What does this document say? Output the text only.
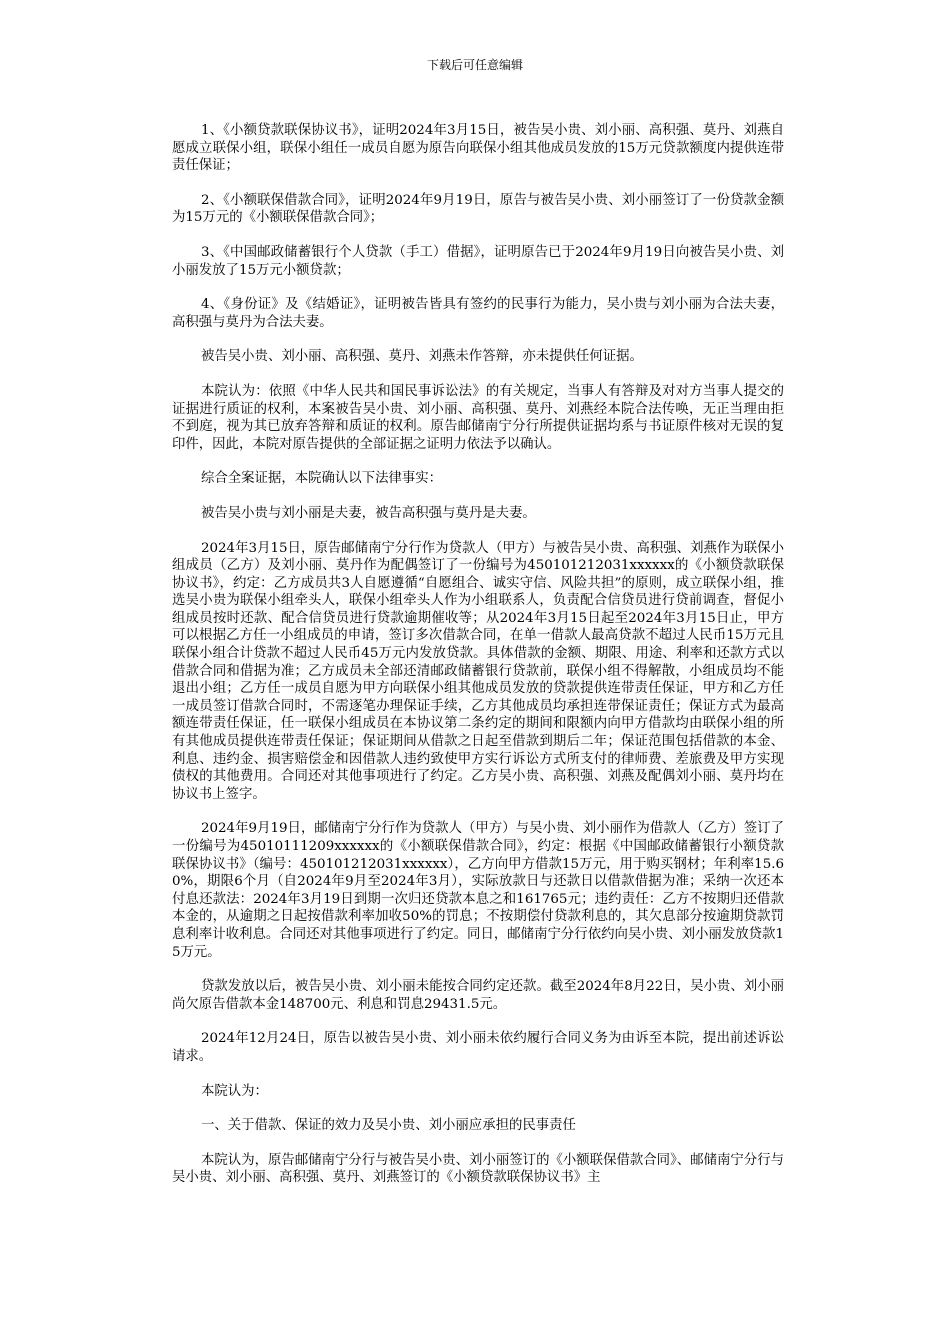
下载后可任意编辑

1、《小额贷款联保协议书》，证明2024年3月15日，被告吴小贵、刘小丽、高积强、莫丹、刘燕自愿成立联保小组，联保小组任一成员自愿为原告向联保小组其他成员发放的15万元贷款额度内提供连带责任保证；

2、《小额联保借款合同》，证明2024年9月19日，原告与被告吴小贵、刘小丽签订了一份贷款金额为15万元的《小额联保借款合同》；

3、《中国邮政储蓄银行个人贷款（手工）借据》，证明原告已于2024年9月19日向被告吴小贵、刘小丽发放了15万元小额贷款；

4、《身份证》及《结婚证》，证明被告皆具有签约的民事行为能力，吴小贵与刘小丽为合法夫妻，高积强与莫丹为合法夫妻。

被告吴小贵、刘小丽、高积强、莫丹、刘燕未作答辩，亦未提供任何证据。

本院认为：依照《中华人民共和国民事诉讼法》的有关规定，当事人有答辩及对对方当事人提交的证据进行质证的权利，本案被告吴小贵、刘小丽、高积强、莫丹、刘燕经本院合法传唤，无正当理由拒不到庭，视为其已放弃答辩和质证的权利。原告邮储南宁分行所提供证据均系与书证原件核对无误的复印件，因此，本院对原告提供的全部证据之证明力依法予以确认。

综合全案证据，本院确认以下法律事实：

被告吴小贵与刘小丽是夫妻，被告高积强与莫丹是夫妻。

2024年3月15日，原告邮储南宁分行作为贷款人（甲方）与被告吴小贵、高积强、刘燕作为联保小组成员（乙方）及刘小丽、莫丹作为配偶签订了一份编号为450101212031xxxxxx的《小额贷款联保协议书》，约定：乙方成员共3人自愿遵循“自愿组合、诚实守信、风险共担”的原则，成立联保小组，推选吴小贵为联保小组牵头人，联保小组牵头人作为小组联系人，负责配合信贷员进行贷前调查，督促小组成员按时还款、配合信贷员进行贷款逾期催收等；从2024年3月15日起至2024年3月15日止，甲方可以根据乙方任一小组成员的申请，签订多次借款合同，在单一借款人最高贷款不超过人民币15万元且联保小组合计贷款不超过人民币45万元内发放贷款。具体借款的金额、期限、用途、利率和还款方式以借款合同和借据为准；乙方成员未全部还清邮政储蓄银行贷款前，联保小组不得解散，小组成员均不能退出小组；乙方任一成员自愿为甲方向联保小组其他成员发放的贷款提供连带责任保证，甲方和乙方任一成员签订借款合同时，不需逐笔办理保证手续，乙方其他成员均承担连带保证责任；保证方式为最高额连带责任保证，任一联保小组成员在本协议第二条约定的期间和限额内向甲方借款均由联保小组的所有其他成员提供连带责任保证；保证期间从借款之日起至借款到期后二年；保证范围包括借款的本金、利息、违约金、损害赔偿金和因借款人违约致使甲方实行诉讼方式所支付的律师费、差旅费及甲方实现债权的其他费用。合同还对其他事项进行了约定。乙方吴小贵、高积强、刘燕及配偶刘小丽、莫丹均在协议书上签字。

2024年9月19日，邮储南宁分行作为贷款人（甲方）与吴小贵、刘小丽作为借款人（乙方）签订了一份编号为45010111209xxxxxx的《小额联保借款合同》，约定：根据《中国邮政储蓄银行小额贷款联保协议书》（编号：450101212031xxxxxx），乙方向甲方借款15万元，用于购买钢材；年利率15.60%，期限6个月（自2024年9月至2024年3月），实际放款日与还款日以借款借据为准；采纳一次还本付息还款法：2024年3月19日到期一次归还贷款本息之和161765元；违约责任：乙方不按期归还借款本金的，从逾期之日起按借款利率加收50%的罚息；不按期偿付贷款利息的，其欠息部分按逾期贷款罚息利率计收利息。合同还对其他事项进行了约定。同日，邮储南宁分行依约向吴小贵、刘小丽发放贷款15万元。

贷款发放以后，被告吴小贵、刘小丽未能按合同约定还款。截至2024年8月22日，吴小贵、刘小丽尚欠原告借款本金148700元、利息和罚息29431.5元。

2024年12月24日，原告以被告吴小贵、刘小丽未依约履行合同义务为由诉至本院，提出前述诉讼请求。

本院认为：

一、关于借款、保证的效力及吴小贵、刘小丽应承担的民事责任

本院认为，原告邮储南宁分行与被告吴小贵、刘小丽签订的《小额联保借款合同》、邮储南宁分行与吴小贵、刘小丽、高积强、莫丹、刘燕签订的《小额贷款联保协议书》主
